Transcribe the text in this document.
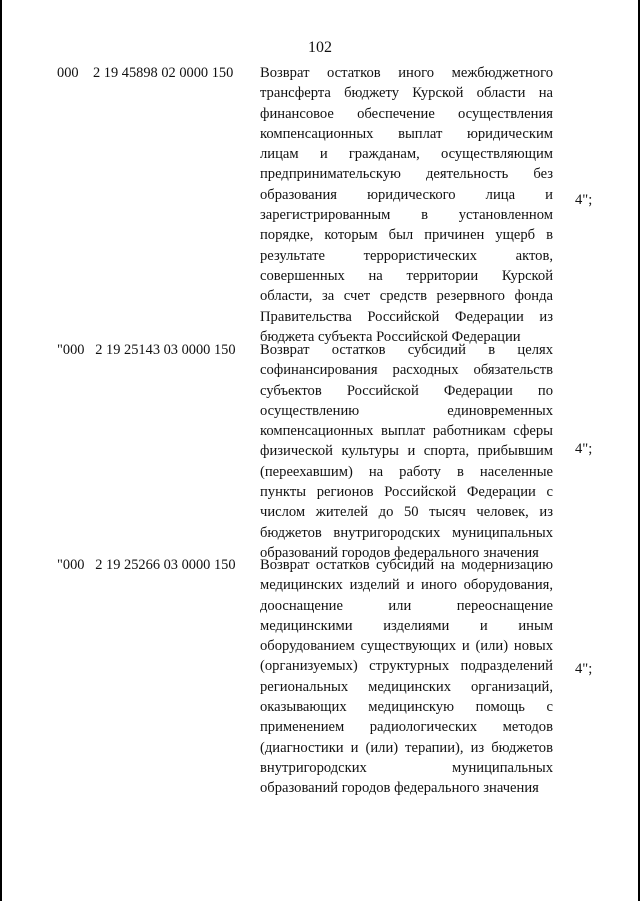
102
000    2 19 45898 02 0000 150 Возврат остатков иного межбюджетного
трансферта бюджету Курской области на
финансовое обеспечение осуществления
компенсационных выплат юридическим
лицам и гражданам, осуществляющим
предпринимательскую деятельность без
образования юридического лица и
зарегистрированным в установленном
порядке, которым был причинен ущерб в
результате террористических актов,
совершенных на территории Курской
области, за счет средств резервного фонда
Правительства Российской Федерации из
бюджета субъекта Российской Федерации
4";
"000   2 19 25143 03 0000 150 Возврат остатков субсидий в целях
софинансирования расходных обязательств
субъектов Российской Федерации по
осуществлению единовременных
компенсационных выплат работникам сферы
физической культуры и спорта, прибывшим
(переехавшим) на работу в населенные
пункты регионов Российской Федерации с
числом жителей до 50 тысяч человек, из
бюджетов внутригородских муниципальных
образований городов федерального значения
4";
"000   2 19 25266 03 0000 150 Возврат остатков субсидий на модернизацию
медицинских изделий и иного оборудования,
дооснащение или переоснащение
медицинскими изделиями и иным
оборудованием существующих и (или) новых
(организуемых) структурных подразделений
региональных медицинских организаций,
оказывающих медицинскую помощь с
применением радиологических методов
(диагностики и (или) терапии), из бюджетов
внутригородских муниципальных
образований городов федерального значения
4";
